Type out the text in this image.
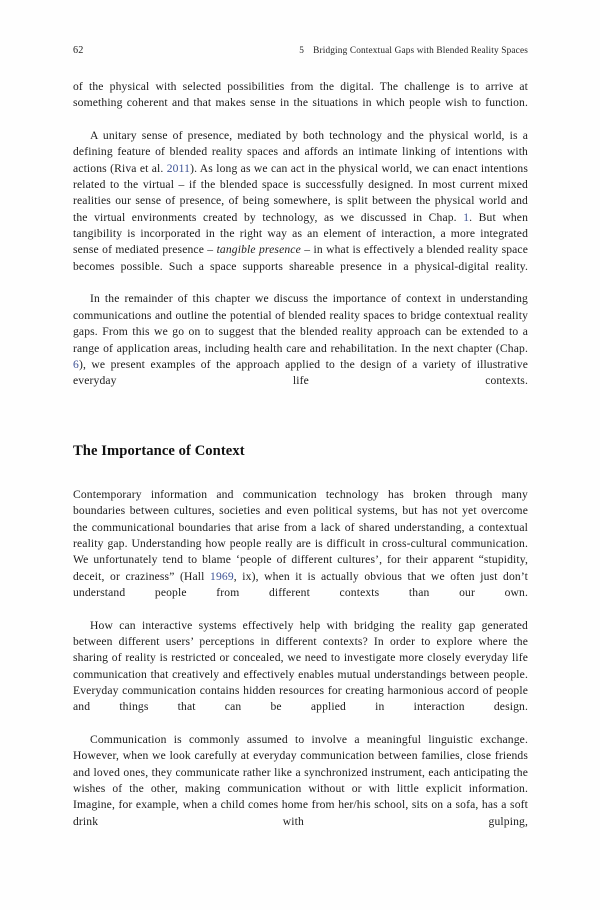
62	5 Bridging Contextual Gaps with Blended Reality Spaces

of the physical with selected possibilities from the digital. The challenge is to arrive at something coherent and that makes sense in the situations in which people wish to function.

A unitary sense of presence, mediated by both technology and the physical world, is a defining feature of blended reality spaces and affords an intimate linking of intentions with actions (Riva et al. 2011). As long as we can act in the physical world, we can enact intentions related to the virtual – if the blended space is successfully designed. In most current mixed realities our sense of presence, of being somewhere, is split between the physical world and the virtual environments created by technology, as we discussed in Chap. 1. But when tangibility is incorporated in the right way as an element of interaction, a more integrated sense of mediated presence – tangible presence – in what is effectively a blended reality space becomes possible. Such a space supports shareable presence in a physical-digital reality.

In the remainder of this chapter we discuss the importance of context in understanding communications and outline the potential of blended reality spaces to bridge contextual reality gaps. From this we go on to suggest that the blended reality approach can be extended to a range of application areas, including health care and rehabilitation. In the next chapter (Chap. 6), we present examples of the approach applied to the design of a variety of illustrative everyday life contexts.

The Importance of Context

Contemporary information and communication technology has broken through many boundaries between cultures, societies and even political systems, but has not yet overcome the communicational boundaries that arise from a lack of shared understanding, a contextual reality gap. Understanding how people really are is difficult in cross-cultural communication. We unfortunately tend to blame ‘people of different cultures’, for their apparent “stupidity, deceit, or craziness” (Hall 1969, ix), when it is actually obvious that we often just don’t understand people from different contexts than our own.

How can interactive systems effectively help with bridging the reality gap generated between different users’ perceptions in different contexts? In order to explore where the sharing of reality is restricted or concealed, we need to investigate more closely everyday life communication that creatively and effectively enables mutual understandings between people. Everyday communication contains hidden resources for creating harmonious accord of people and things that can be applied in interaction design.

Communication is commonly assumed to involve a meaningful linguistic exchange. However, when we look carefully at everyday communication between families, close friends and loved ones, they communicate rather like a synchronized instrument, each anticipating the wishes of the other, making communication without or with little explicit information. Imagine, for example, when a child comes home from her/his school, sits on a sofa, has a soft drink with gulping,
